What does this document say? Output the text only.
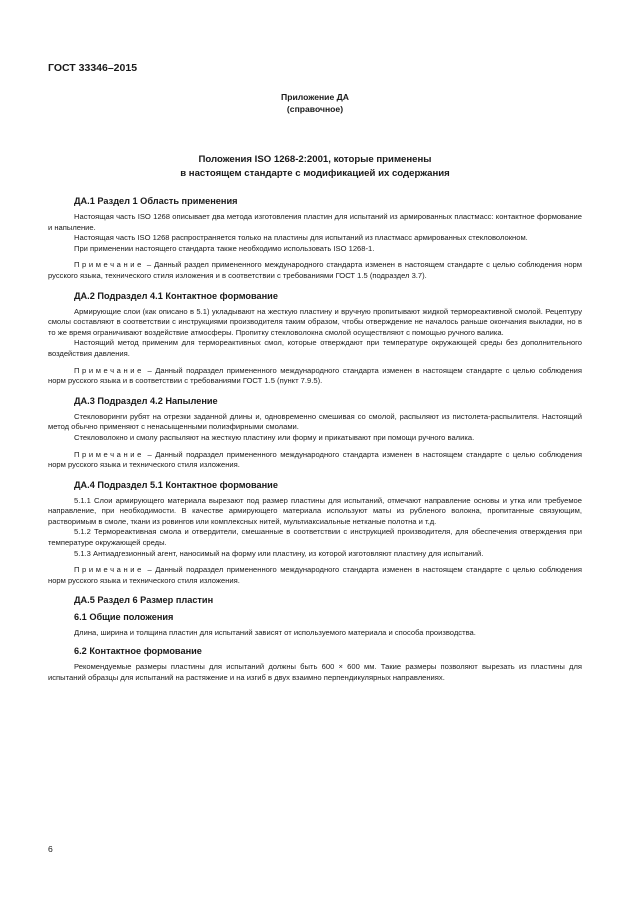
ГОСТ 33346–2015
Приложение ДА
(справочное)
Положения ISO 1268-2:2001, которые применены
в настоящем стандарте с модификацией их содержания
ДА.1 Раздел 1 Область применения

Настоящая часть ISO 1268 описывает два метода изготовления пластин для испытаний из армированных пластмасс: контактное формование и напыление.

Настоящая часть ISO 1268 распространяется только на пластины для испытаний из пластмасс армированных стекловолокном.

При применении настоящего стандарта также необходимо использовать ISO 1268-1.

Примечание – Данный раздел примененного международного стандарта изменен в настоящем стандарте с целью соблюдения норм русского языка, технического стиля изложения и в соответствии с требованиями ГОСТ 1.5 (подраздел 3.7).

ДА.2 Подраздел 4.1 Контактное формование

Армирующие слои (как описано в 5.1) укладывают на жесткую пластину и вручную пропитывают жидкой термореактивной смолой. Рецептуру смолы составляют в соответствии с инструкциями производителя таким образом, чтобы отверждение не началось раньше окончания выкладки, но в то же время ограничивают воздействие атмосферы. Пропитку стекловолокна смолой осуществляют с помощью ручного валика.

Настоящий метод применим для термореактивных смол, которые отверждают при температуре окружающей среды без дополнительного воздействия давления.

Примечание – Данный подраздел примененного международного стандарта изменен в настоящем стандарте с целью соблюдения норм русского языка и в соответствии с требованиями ГОСТ 1.5 (пункт 7.9.5).

ДА.3 Подраздел 4.2 Напыление

Стекловоринги рубят на отрезки заданной длины и, одновременно смешивая со смолой, распыляют из пистолета-распылителя. Настоящий метод обычно применяют с ненасыщенными полиэфирными смолами.

Стекловолокно и смолу распыляют на жесткую пластину или форму и прикатывают при помощи ручного валика.

Примечание – Данный подраздел примененного международного стандарта изменен в настоящем стандарте с целью соблюдения норм русского языка и технического стиля изложения.

ДА.4 Подраздел 5.1 Контактное формование

5.1.1 Слои армирующего материала вырезают под размер пластины для испытаний, отмечают направление основы и утка или требуемое направление, при необходимости. В качестве армирующего материала используют маты из рубленого волокна, пропитанные связующим, растворимым в смоле, ткани из ровингов или комплексных нитей, мультиаксиальные нетканые полотна и т.д.

5.1.2 Термореактивная смола и отвердители, смешанные в соответствии с инструкцией производителя, для обеспечения отверждения при температуре окружающей среды.

5.1.3 Антиадгезионный агент, наносимый на форму или пластину, из которой изготовляют пластину для испытаний.

Примечание – Данный подраздел примененного международного стандарта изменен в настоящем стандарте с целью соблюдения норм русского языка и технического стиля изложения.

ДА.5 Раздел 6 Размер пластин
6.1 Общие положения

Длина, ширина и толщина пластин для испытаний зависят от используемого материала и способа производства.

6.2 Контактное формование

Рекомендуемые размеры пластины для испытаний должны быть 600 × 600 мм. Такие размеры позволяют вырезать из пластины для испытаний образцы для испытаний на растяжение и на изгиб в двух взаимно перпендикулярных направлениях.

6
